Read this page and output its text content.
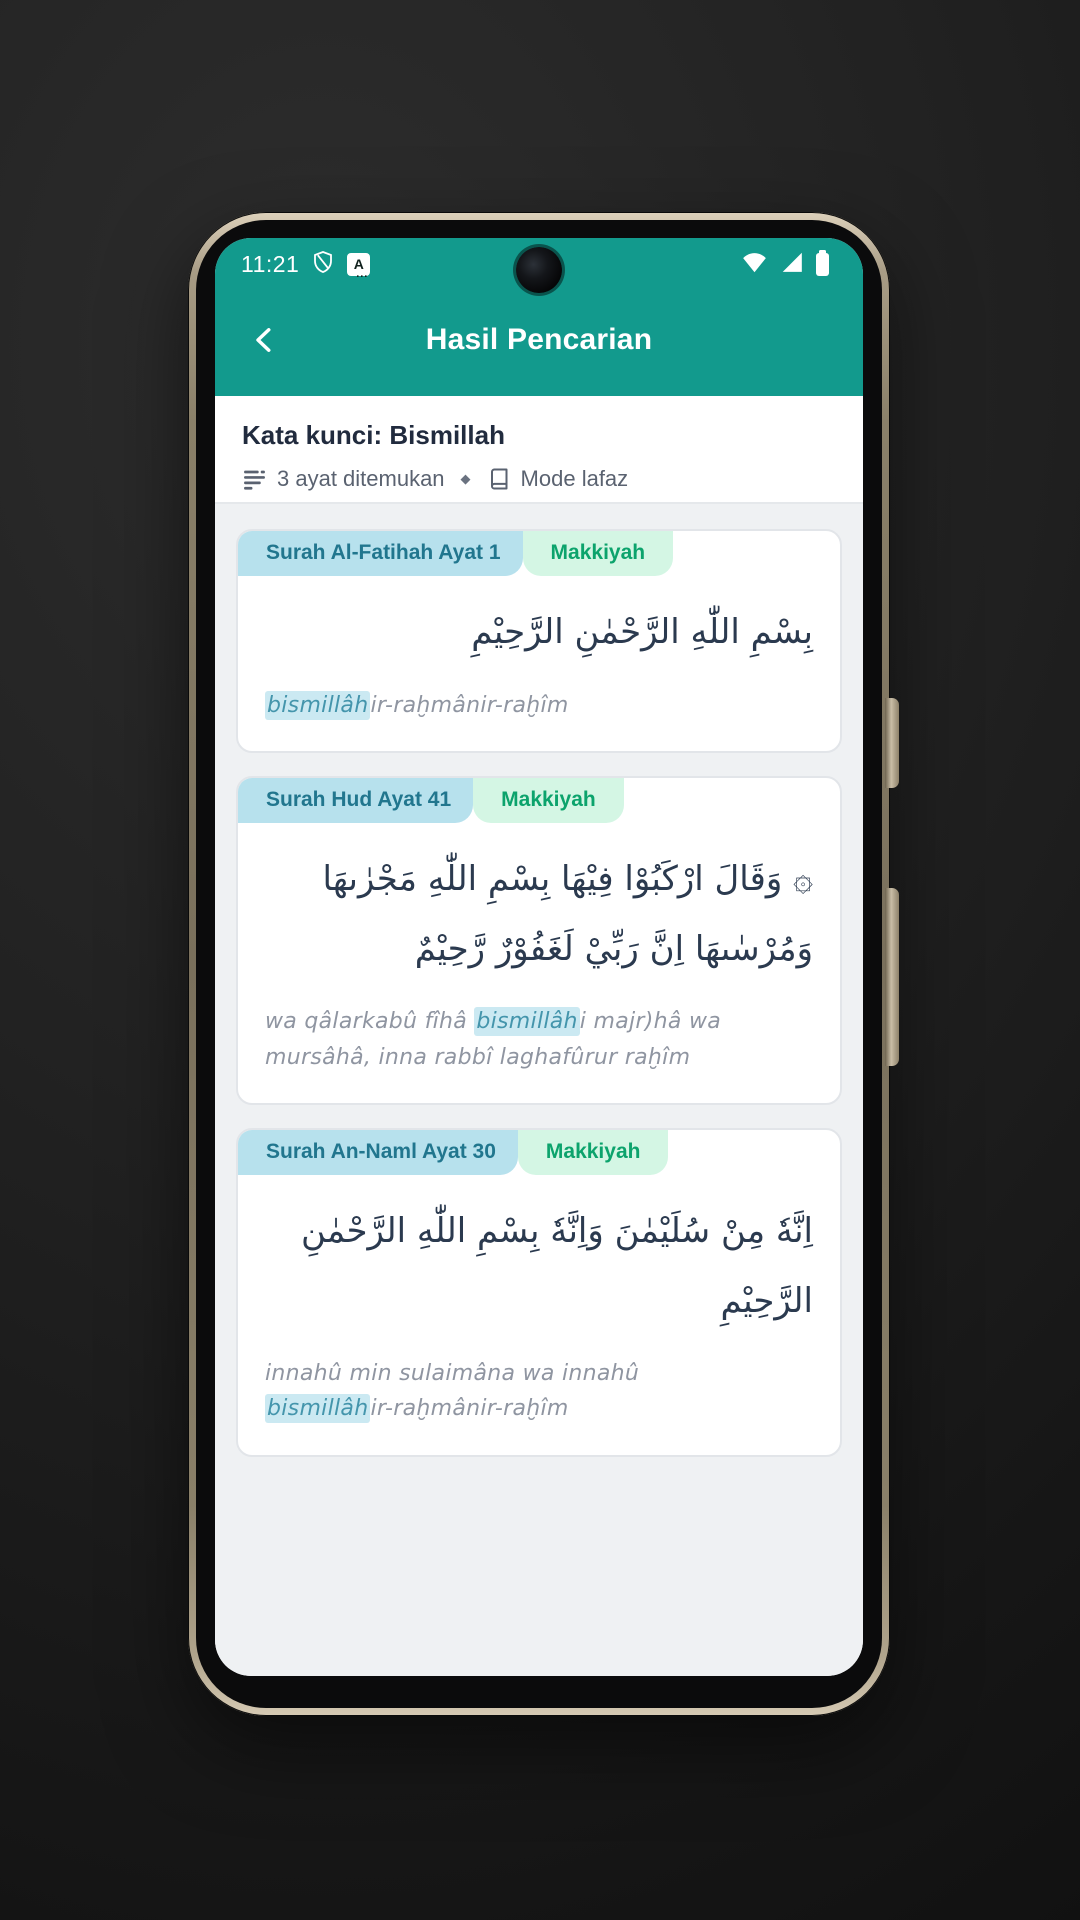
11:21	A ...
Hasil Pencarian
Kata kunci: Bismillah
3 ayat ditemukan ◆ Mode lafaz
Surah Al-Fatihah Ayat 1	Makkiyah
بِسْمِ اللّٰهِ الرَّحْمٰنِ الرَّحِيْمِ

bismillâhir-raḫmânir-raḫîm

Surah Hud Ayat 41	Makkiyah
۞ وَقَالَ ارْكَبُوْا فِيْهَا بِسْمِ اللّٰهِ مَجْرٰىهَا وَمُرْسٰىهَا اِنَّ رَبِّيْ لَغَفُوْرٌ رَّحِيْمٌ

wa qâlarkabû fîhâ bismillâhi majr)hâ wa mursâhâ, inna rabbî laghafûrur raḫîm

Surah An-Naml Ayat 30	Makkiyah
اِنَّهٗ مِنْ سُلَيْمٰنَ وَاِنَّهٗ بِسْمِ اللّٰهِ الرَّحْمٰنِ الرَّحِيْمِ

innahû min sulaimâna wa innahû bismillâhir-raḫmânir-raḫîm
